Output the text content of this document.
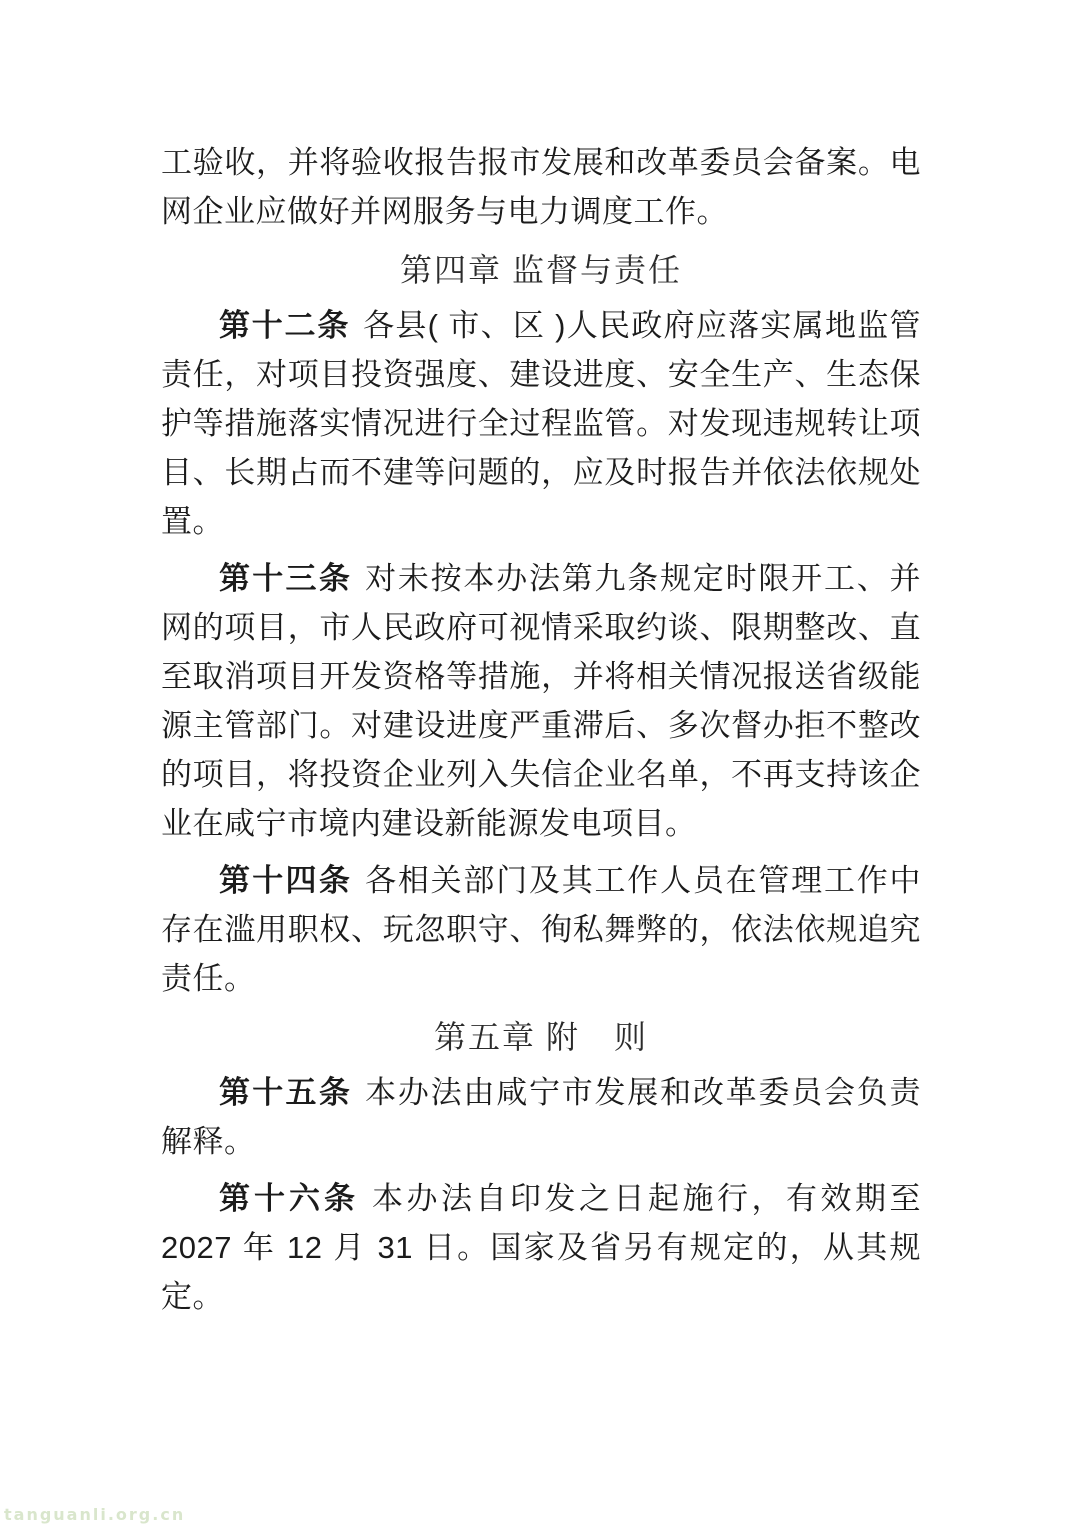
工验收，并将验收报告报市发展和改革委员会备案。电网企业应做好并网服务与电力调度工作。

第四章 监督与责任

第十二条 各县( 市、区 )人民政府应落实属地监管责任，对项目投资强度、建设进度、安全生产、生态保护等措施落实情况进行全过程监管。对发现违规转让项目、长期占而不建等问题的，应及时报告并依法依规处置。

第十三条 对未按本办法第九条规定时限开工、并网的项目，市人民政府可视情采取约谈、限期整改、直至取消项目开发资格等措施，并将相关情况报送省级能源主管部门。对建设进度严重滞后、多次督办拒不整改的项目，将投资企业列入失信企业名单，不再支持该企业在咸宁市境内建设新能源发电项目。

第十四条 各相关部门及其工作人员在管理工作中存在滥用职权、玩忽职守、徇私舞弊的，依法依规追究责任。

第五章 附　则

第十五条 本办法由咸宁市发展和改革委员会负责解释。

第十六条 本办法自印发之日起施行，有效期至 2027 年 12 月 31 日。国家及省另有规定的，从其规定。

tanguanli.org.cn
